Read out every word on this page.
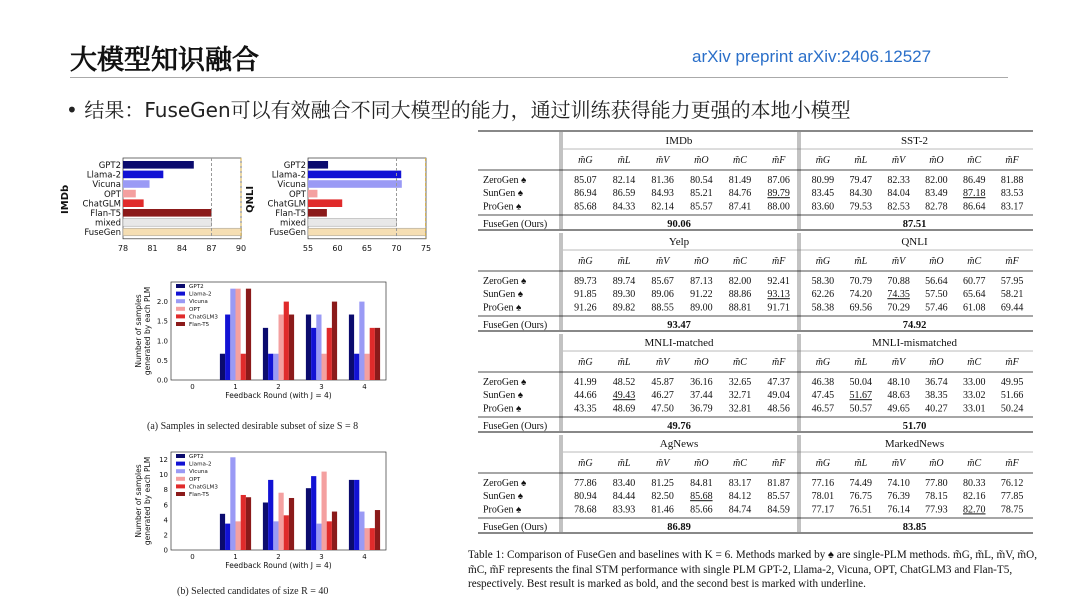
大模型知识融合	arXiv preprint arXiv:2406.12527
• 结果：FuseGen可以有效融合不同大模型的能力，通过训练获得能力更强的本地小模型
GPT2
Llama-2
Vicuna
OPT
ChatGLM
Flan-T5
mixed
FuseGen
78 81 84 87 90
IMDb
GPT2
Llama-2
Vicuna
OPT
ChatGLM
Flan-T5
mixed
FuseGen
55 60 65 70 75
QNLI
0	1	2	3	4
0.0
0.5
1.0
1.5
2.0
Feedback Round (with J = 4)
Number of samples generated by each PLM	GPT2
Llama-2
Vicuna
OPT
ChatGLM3
Flan-T5
(a) Samples in selected desirable subset of size S = 8
0	1	2	3	4
0
2
4
6
8
10
12
Feedback Round (with J = 4)
Number of samples generated by each PLM	GPT2
Llama-2
Vicuna
OPT
ChatGLM3
Flan-T5
(b) Selected candidates of size R = 40
IMDb	SST-2
m̃G	m̃L	m̃V m̃O m̃C	m̃F	m̃G m̃L m̃V m̃O m̃C m̃F
ZeroGen ♠	85.07 82.14 81.36 80.54 81.49 87.06 80.99 79.47 82.33 82.00 86.49 81.88
SunGen ♠	86.94 86.59 84.93 85.21 84.76 89.79 83.45 84.30 84.04 83.49 87.18 83.53
ProGen ♠	85.68 84.33 82.14 85.57 87.41 88.00 83.60 79.53 82.53 82.78 86.64 83.17
FuseGen (Ours)	90.06	87.51
Yelp	QNLI
m̃G	m̃L	m̃V m̃O m̃C	m̃F	m̃G m̃L m̃V m̃O m̃C m̃F
ZeroGen ♠	89.73 89.74 85.67 87.13 82.00 92.41 58.30 70.79 70.88 56.64 60.77 57.95
SunGen ♠	91.85 89.30 89.06 91.22 88.86 93.13 62.26 74.20 74.35 57.50 65.64 58.21
ProGen ♠	91.26 89.82 88.55 89.00 88.81 91.71 58.38 69.56 70.29 57.46 61.08 69.44
FuseGen (Ours)	93.47	74.92
MNLI-matched	MNLI-mismatched
m̃G	m̃L	m̃V m̃O m̃C	m̃F	m̃G m̃L m̃V m̃O m̃C m̃F
ZeroGen ♠	41.99 48.52 45.87 36.16 32.65 47.37 46.38 50.04 48.10 36.74 33.00 49.95
SunGen ♠	44.66 49.43 46.27 37.44 32.71 49.04 47.45 51.67 48.63 38.35 33.02 51.66
ProGen ♠	43.35 48.69 47.50 36.79 32.81 48.56 46.57 50.57 49.65 40.27 33.01 50.24
FuseGen (Ours)	49.76	51.70
AgNews	MarkedNews
m̃G	m̃L	m̃V m̃O m̃C	m̃F	m̃G m̃L m̃V m̃O m̃C m̃F
ZeroGen ♠	77.86 83.40 81.25 84.81 83.17 81.87 77.16 74.49 74.10 77.80 80.33 76.12
SunGen ♠	80.94 84.44 82.50 85.68 84.12 85.57 78.01 76.75 76.39 78.15 82.16 77.85
ProGen ♠	78.68 83.93 81.46 85.66 84.74 84.59 77.17 76.51 76.14 77.93 82.70 78.75
FuseGen (Ours)	86.89	83.85
Table 1: Comparison of FuseGen and baselines with K = 6. Methods marked by ♠ are single-PLM methods. m̃G, m̃L, m̃V, m̃O, m̃C, m̃F represents the final STM performance with single PLM GPT-2, Llama-2, Vicuna, OPT, ChatGLM3 and Flan-T5, respectively. Best result is marked as bold, and the second best is marked with underline.
